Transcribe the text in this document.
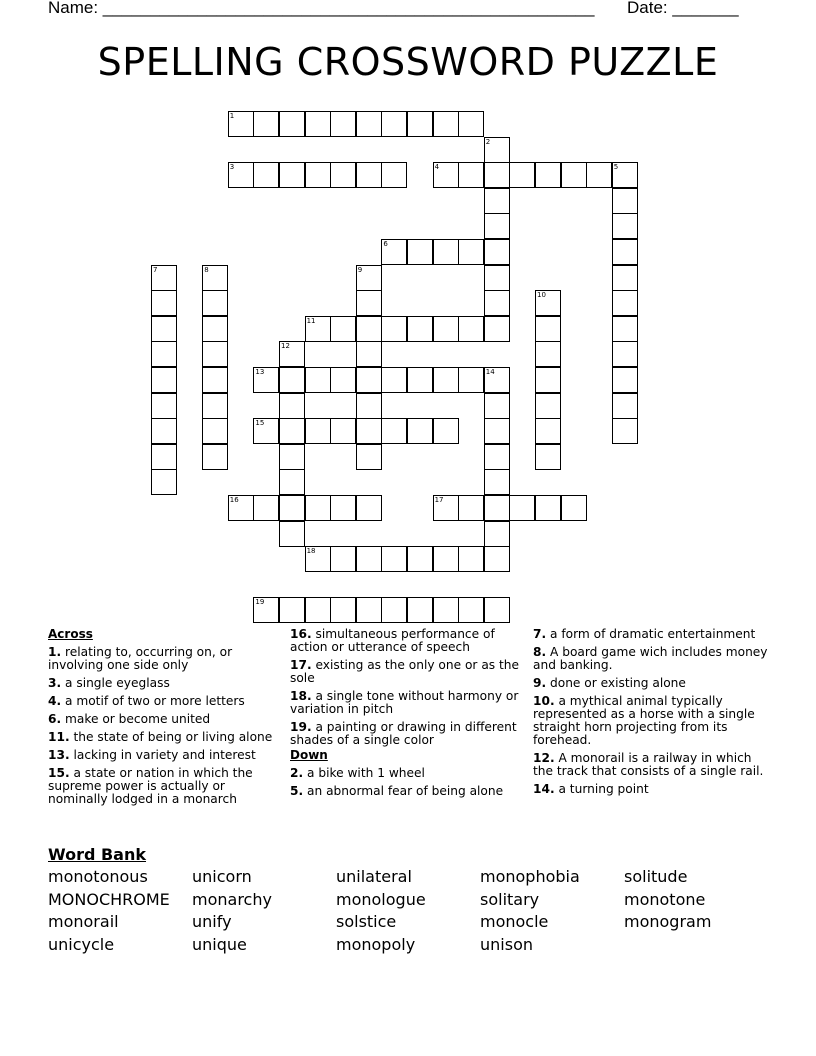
Name: ____________________________________________________ Date: _______
SPELLING CROSSWORD PUZZLE
1
2
3	4	5
6
7	8	9
10
11
12
13	14
15
16	17
18
19
Across
1. relating to, occurring on, or involving one side only
3. a single eyeglass
4. a motif of two or more letters
6. make or become united
11. the state of being or living alone
13. lacking in variety and interest
15. a state or nation in which the supreme power is actually or nominally lodged in a monarch
16. simultaneous performance of action or utterance of speech
17. existing as the only one or as the sole
18. a single tone without harmony or variation in pitch
19. a painting or drawing in different shades of a single color
Down
2. a bike with 1 wheel
5. an abnormal fear of being alone
7. a form of dramatic entertainment
8. A board game wich includes money and banking.
9. done or existing alone
10. a mythical animal typically represented as a horse with a single straight horn projecting from its forehead.
12. A monorail is a railway in which the track that consists of a single rail.
14. a turning point
Word Bank
monotonous
MONOCHROME
monorail
unicycle
unicorn
monarchy
unify
unique
unilateral
monologue
solstice
monopoly
monophobia
solitary
monocle
unison
solitude
monotone
monogram
